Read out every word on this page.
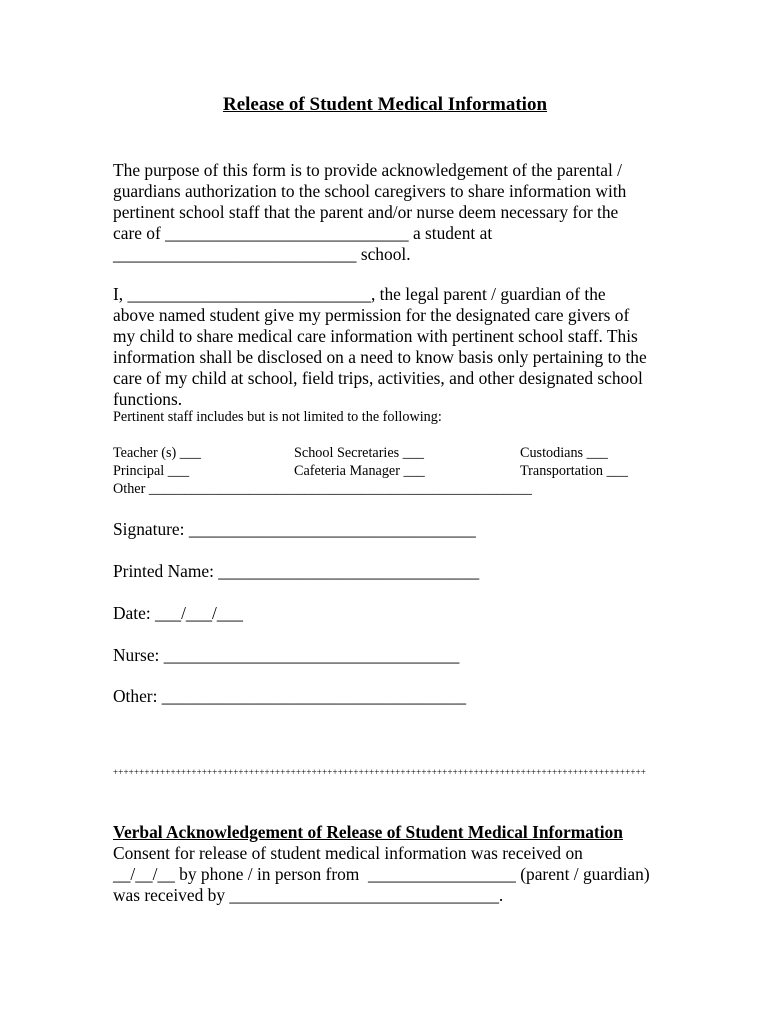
Release of Student Medical Information
The purpose of this form is to provide acknowledgement of the parental /
guardians authorization to the school caregivers to share information with
pertinent school staff that the parent and/or nurse deem necessary for the
care of ____________________________ a student at
____________________________ school.
I, ____________________________, the legal parent / guardian of the
above named student give my permission for the designated care givers of
my child to share medical care information with pertinent school staff. This
information shall be disclosed on a need to know basis only pertaining to the
care of my child at school, field trips, activities, and other designated school
functions.
Pertinent staff includes but is not limited to the following:
Teacher (s) ___	School Secretaries ___	Custodians ___
Principal ___	Cafeteria Manager ___	Transportation ___
Other ______________________________________________________
Signature: _________________________________
Printed Name: ______________________________
Date: ___/___/___
Nurse: __________________________________
Other: ___________________________________
++++++++++++++++++++++++++++++++++++++++++++++++++++++++++++++++++++++++++++++++++++++++++++++++++++++
Verbal Acknowledgement of Release of Student Medical Information
Consent for release of student medical information was received on
__/__/__ by phone / in person from  _________________ (parent / guardian)
was received by _______________________________.
